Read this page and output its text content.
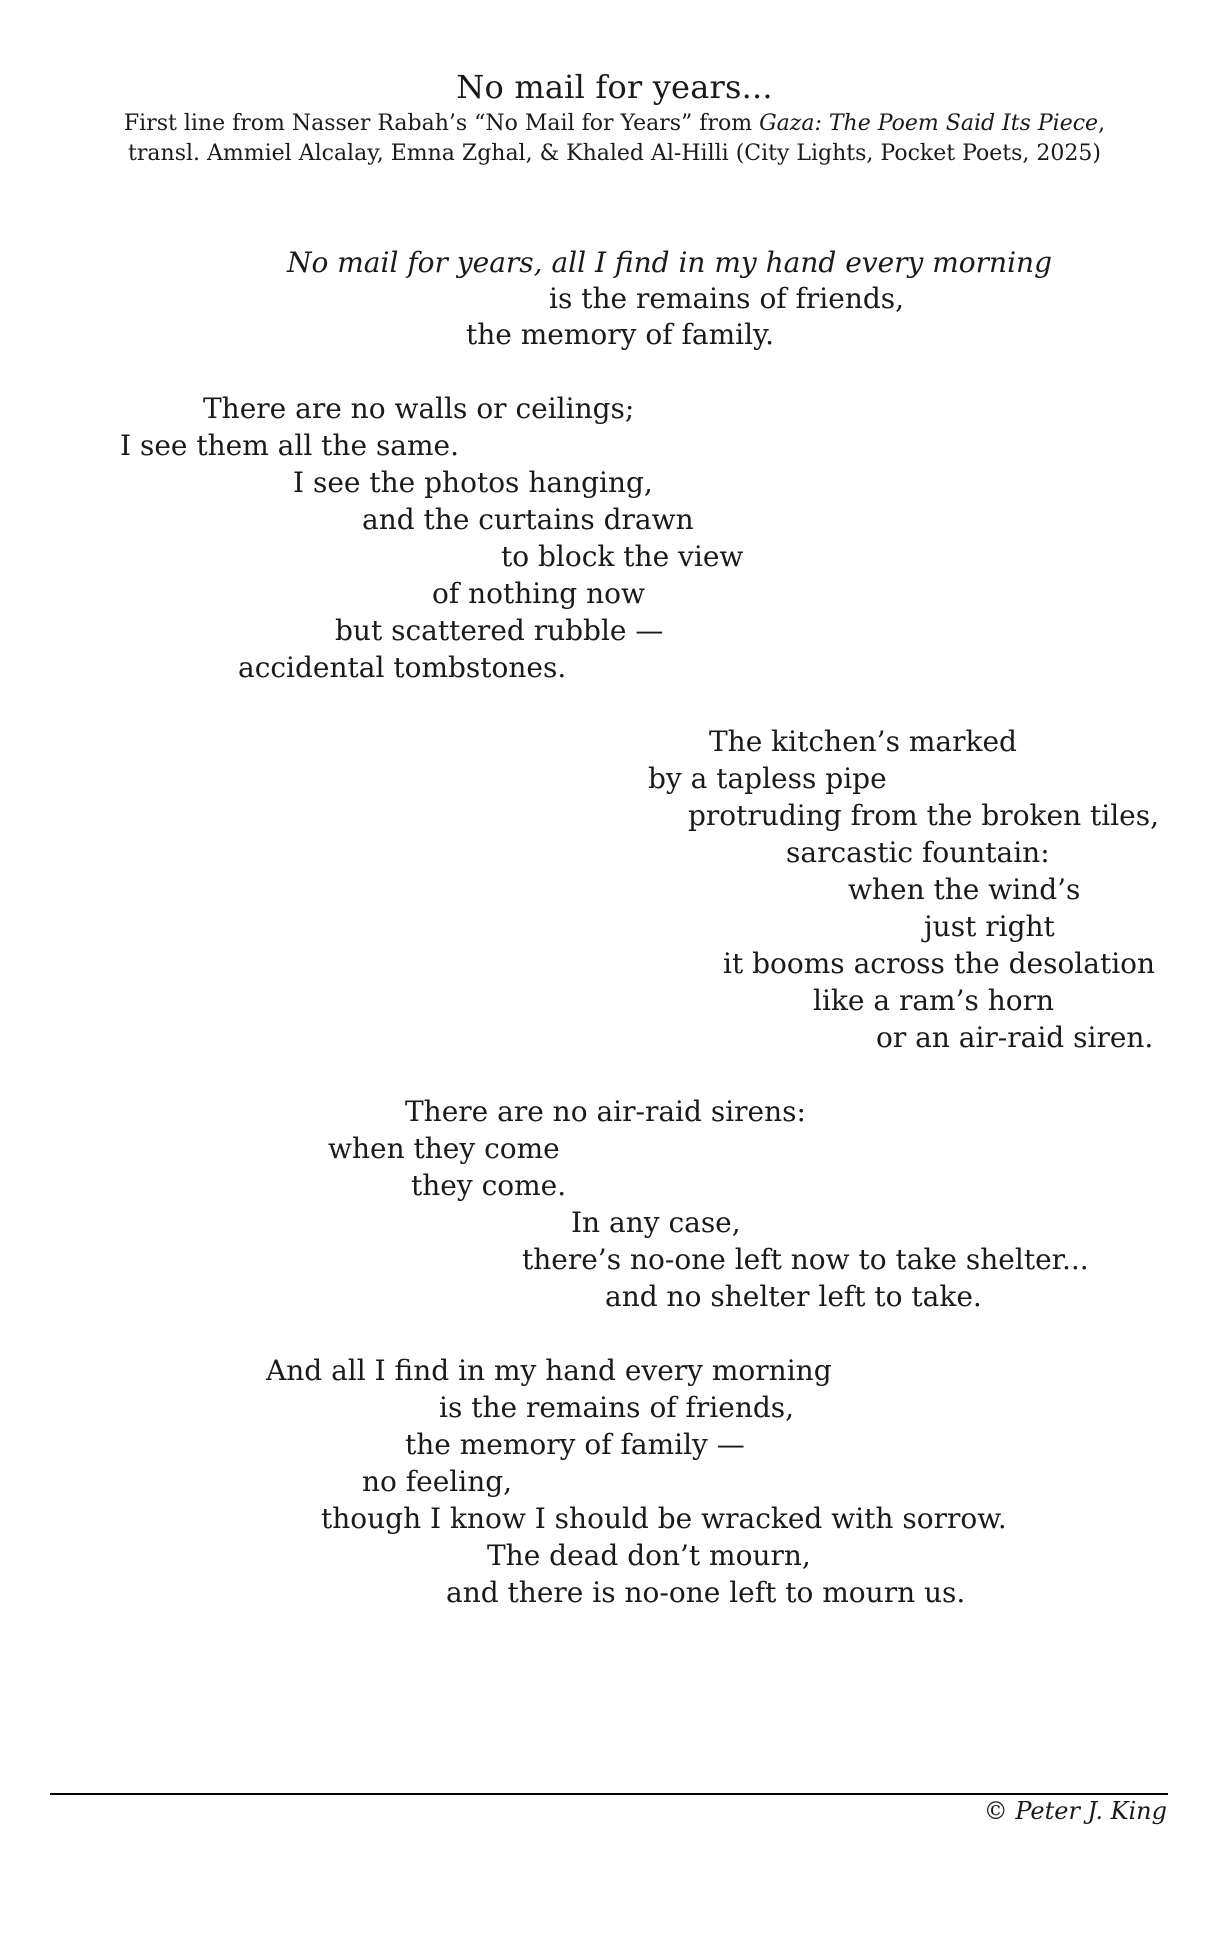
No mail for years...
First line from Nasser Rabah’s “No Mail for Years” from Gaza: The Poem Said Its Piece,
transl. Ammiel Alcalay, Emna Zghal, & Khaled Al-Hilli (City Lights, Pocket Poets, 2025)
No mail for years, all I find in my hand every morning
is the remains of friends,
the memory of family.
There are no walls or ceilings;
I see them all the same.
I see the photos hanging,
and the curtains drawn
to block the view
of nothing now
but scattered rubble —
accidental tombstones.
The kitchen’s marked
by a tapless pipe
protruding from the broken tiles,
sarcastic fountain:
when the wind’s
just right
it booms across the desolation
like a ram’s horn
or an air-raid siren.
There are no air-raid sirens:
when they come
they come.
In any case,
there’s no-one left now to take shelter...
and no shelter left to take.
And all I find in my hand every morning
is the remains of friends,
the memory of family —
no feeling,
though I know I should be wracked with sorrow.
The dead don’t mourn,
and there is no-one left to mourn us.
© Peter J. King
